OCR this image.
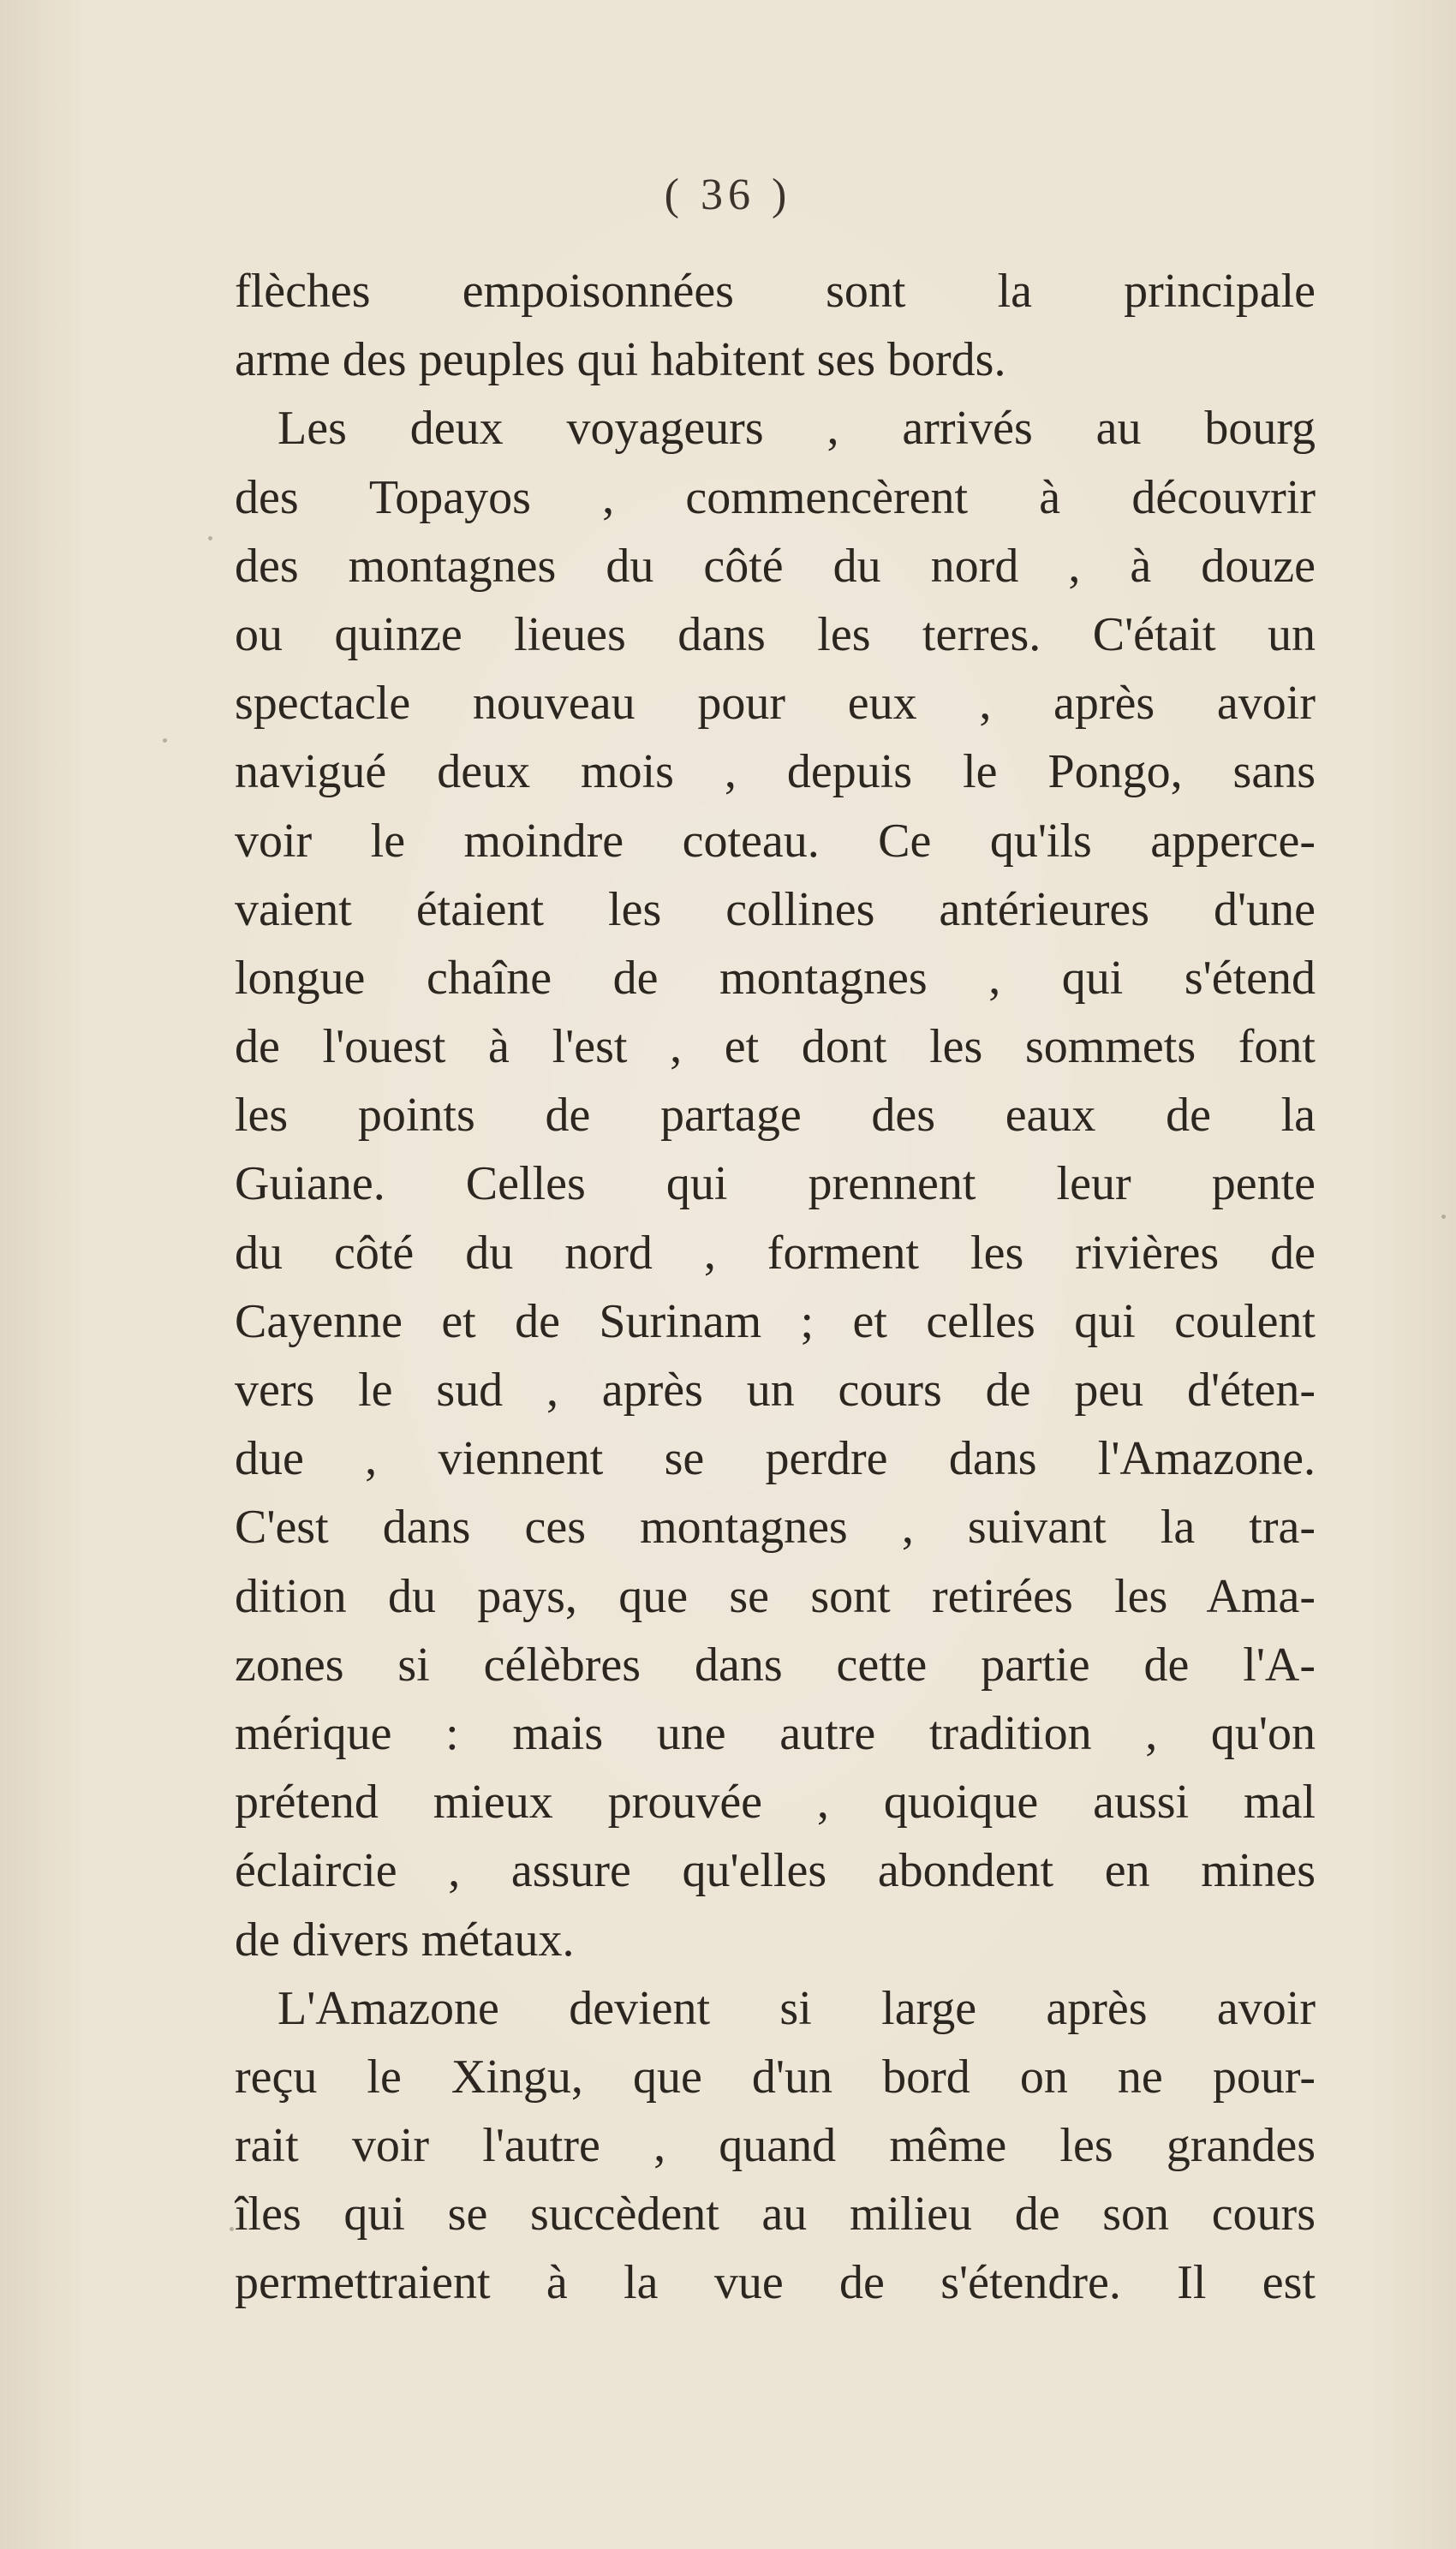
( 36 )
flèches empoisonnées sont la principale
arme des peuples qui habitent ses bords.
Les deux voyageurs , arrivés au bourg
des Topayos , commencèrent à découvrir
des montagnes du côté du nord , à douze
ou quinze lieues dans les terres. C'était un
spectacle nouveau pour eux , après avoir
navigué deux mois , depuis le Pongo, sans
voir le moindre coteau. Ce qu'ils apperce-
vaient étaient les collines antérieures d'une
longue chaîne de montagnes , qui s'étend
de l'ouest à l'est , et dont les sommets font
les points de partage des eaux de la
Guiane. Celles qui prennent leur pente
du côté du nord , forment les rivières de
Cayenne et de Surinam ; et celles qui coulent
vers le sud , après un cours de peu d'éten-
due , viennent se perdre dans l'Amazone.
C'est dans ces montagnes , suivant la tra-
dition du pays, que se sont retirées les Ama-
zones si célèbres dans cette partie de l'A-
mérique : mais une autre tradition , qu'on
prétend mieux prouvée , quoique aussi mal
éclaircie , assure qu'elles abondent en mines
de divers métaux.
L'Amazone devient si large après avoir
reçu le Xingu, que d'un bord on ne pour-
rait voir l'autre , quand même les grandes
îles qui se succèdent au milieu de son cours
permettraient à la vue de s'étendre. Il est
